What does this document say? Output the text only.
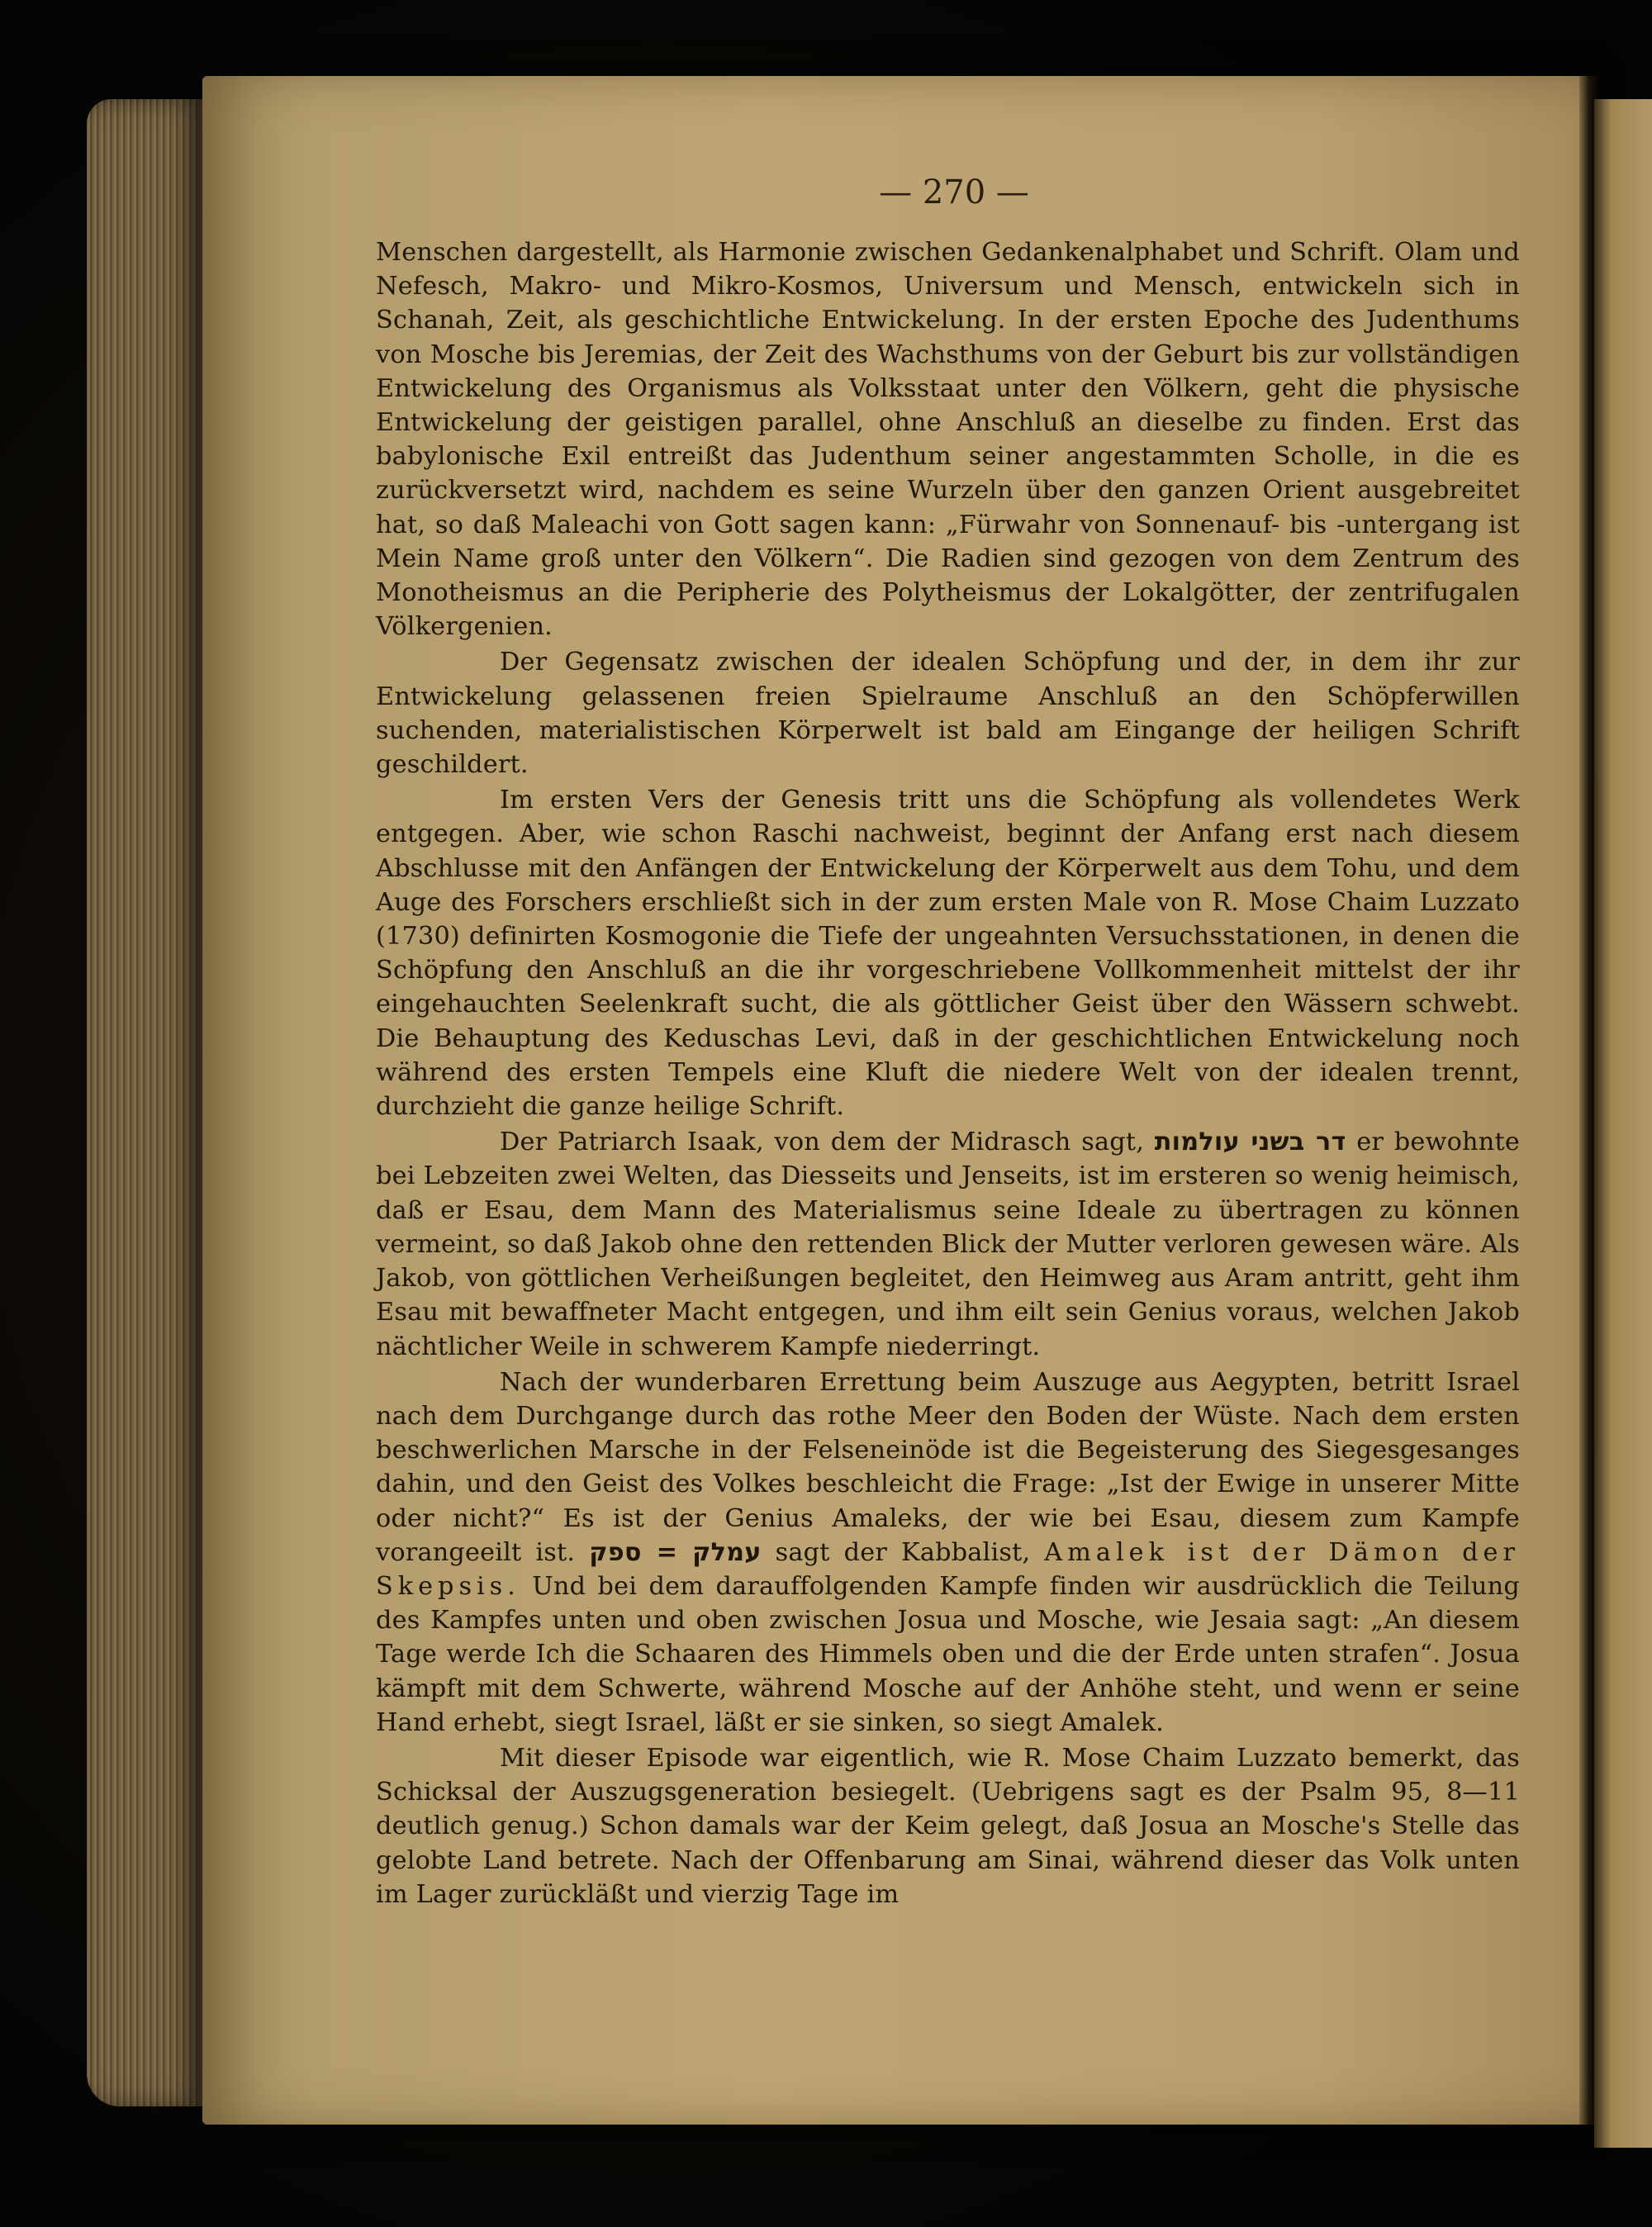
— 270 —

Menschen dargestellt, als Harmonie zwischen Gedankenalphabet und Schrift. Olam und Nefesch, Makro- und Mikro-Kosmos, Universum und Mensch, entwickeln sich in Schanah, Zeit, als geschichtliche Entwickelung. In der ersten Epoche des Judenthums von Mosche bis Jeremias, der Zeit des Wachsthums von der Geburt bis zur vollständigen Entwickelung des Organismus als Volksstaat unter den Völkern, geht die physische Entwickelung der geistigen parallel, ohne Anschluß an dieselbe zu finden. Erst das babylonische Exil entreißt das Judenthum seiner angestammten Scholle, in die es zurückversetzt wird, nachdem es seine Wurzeln über den ganzen Orient ausgebreitet hat, so daß Maleachi von Gott sagen kann: „Fürwahr von Sonnenauf- bis -untergang ist Mein Name groß unter den Völkern“. Die Radien sind gezogen von dem Zentrum des Monotheismus an die Peripherie des Polytheismus der Lokalgötter, der zentrifugalen Völkergenien.

Der Gegensatz zwischen der idealen Schöpfung und der, in dem ihr zur Entwickelung gelassenen freien Spielraume Anschluß an den Schöpferwillen suchenden, materialistischen Körperwelt ist bald am Eingange der heiligen Schrift geschildert.

Im ersten Vers der Genesis tritt uns die Schöpfung als vollendetes Werk entgegen. Aber, wie schon Raschi nachweist, beginnt der Anfang erst nach diesem Abschlusse mit den Anfängen der Entwickelung der Körperwelt aus dem Tohu, und dem Auge des Forschers erschließt sich in der zum ersten Male von R. Mose Chaim Luzzato (1730) definirten Kosmogonie die Tiefe der ungeahnten Versuchsstationen, in denen die Schöpfung den Anschluß an die ihr vorgeschriebene Vollkommenheit mittelst der ihr eingehauchten Seelenkraft sucht, die als göttlicher Geist über den Wässern schwebt. Die Behauptung des Keduschas Levi, daß in der geschichtlichen Entwickelung noch während des ersten Tempels eine Kluft die niedere Welt von der idealen trennt, durchzieht die ganze heilige Schrift.

Der Patriarch Isaak, von dem der Midrasch sagt, דר בשני עולמות er bewohnte bei Lebzeiten zwei Welten, das Diesseits und Jenseits, ist im ersteren so wenig heimisch, daß er Esau, dem Mann des Materialismus seine Ideale zu übertragen zu können vermeint, so daß Jakob ohne den rettenden Blick der Mutter verloren gewesen wäre. Als Jakob, von göttlichen Verheißungen begleitet, den Heimweg aus Aram antritt, geht ihm Esau mit bewaffneter Macht entgegen, und ihm eilt sein Genius voraus, welchen Jakob nächtlicher Weile in schwerem Kampfe niederringt.

Nach der wunderbaren Errettung beim Auszuge aus Aegypten, betritt Israel nach dem Durchgange durch das rothe Meer den Boden der Wüste. Nach dem ersten beschwerlichen Marsche in der Felseneinöde ist die Begeisterung des Siegesgesanges dahin, und den Geist des Volkes beschleicht die Frage: „Ist der Ewige in unserer Mitte oder nicht?“ Es ist der Genius Amaleks, der wie bei Esau, diesem zum Kampfe vorangeeilt ist. עמלק = ספק sagt der Kabbalist, Amalek ist der Dämon der Skepsis. Und bei dem darauffolgenden Kampfe finden wir ausdrücklich die Teilung des Kampfes unten und oben zwischen Josua und Mosche, wie Jesaia sagt: „An diesem Tage werde Ich die Schaaren des Himmels oben und die der Erde unten strafen“. Josua kämpft mit dem Schwerte, während Mosche auf der Anhöhe steht, und wenn er seine Hand erhebt, siegt Israel, läßt er sie sinken, so siegt Amalek.

Mit dieser Episode war eigentlich, wie R. Mose Chaim Luzzato bemerkt, das Schicksal der Auszugsgeneration besiegelt. (Uebrigens sagt es der Psalm 95, 8—11 deutlich genug.) Schon damals war der Keim gelegt, daß Josua an Mosche's Stelle das gelobte Land betrete. Nach der Offenbarung am Sinai, während dieser das Volk unten im Lager zurückläßt und vierzig Tage im
